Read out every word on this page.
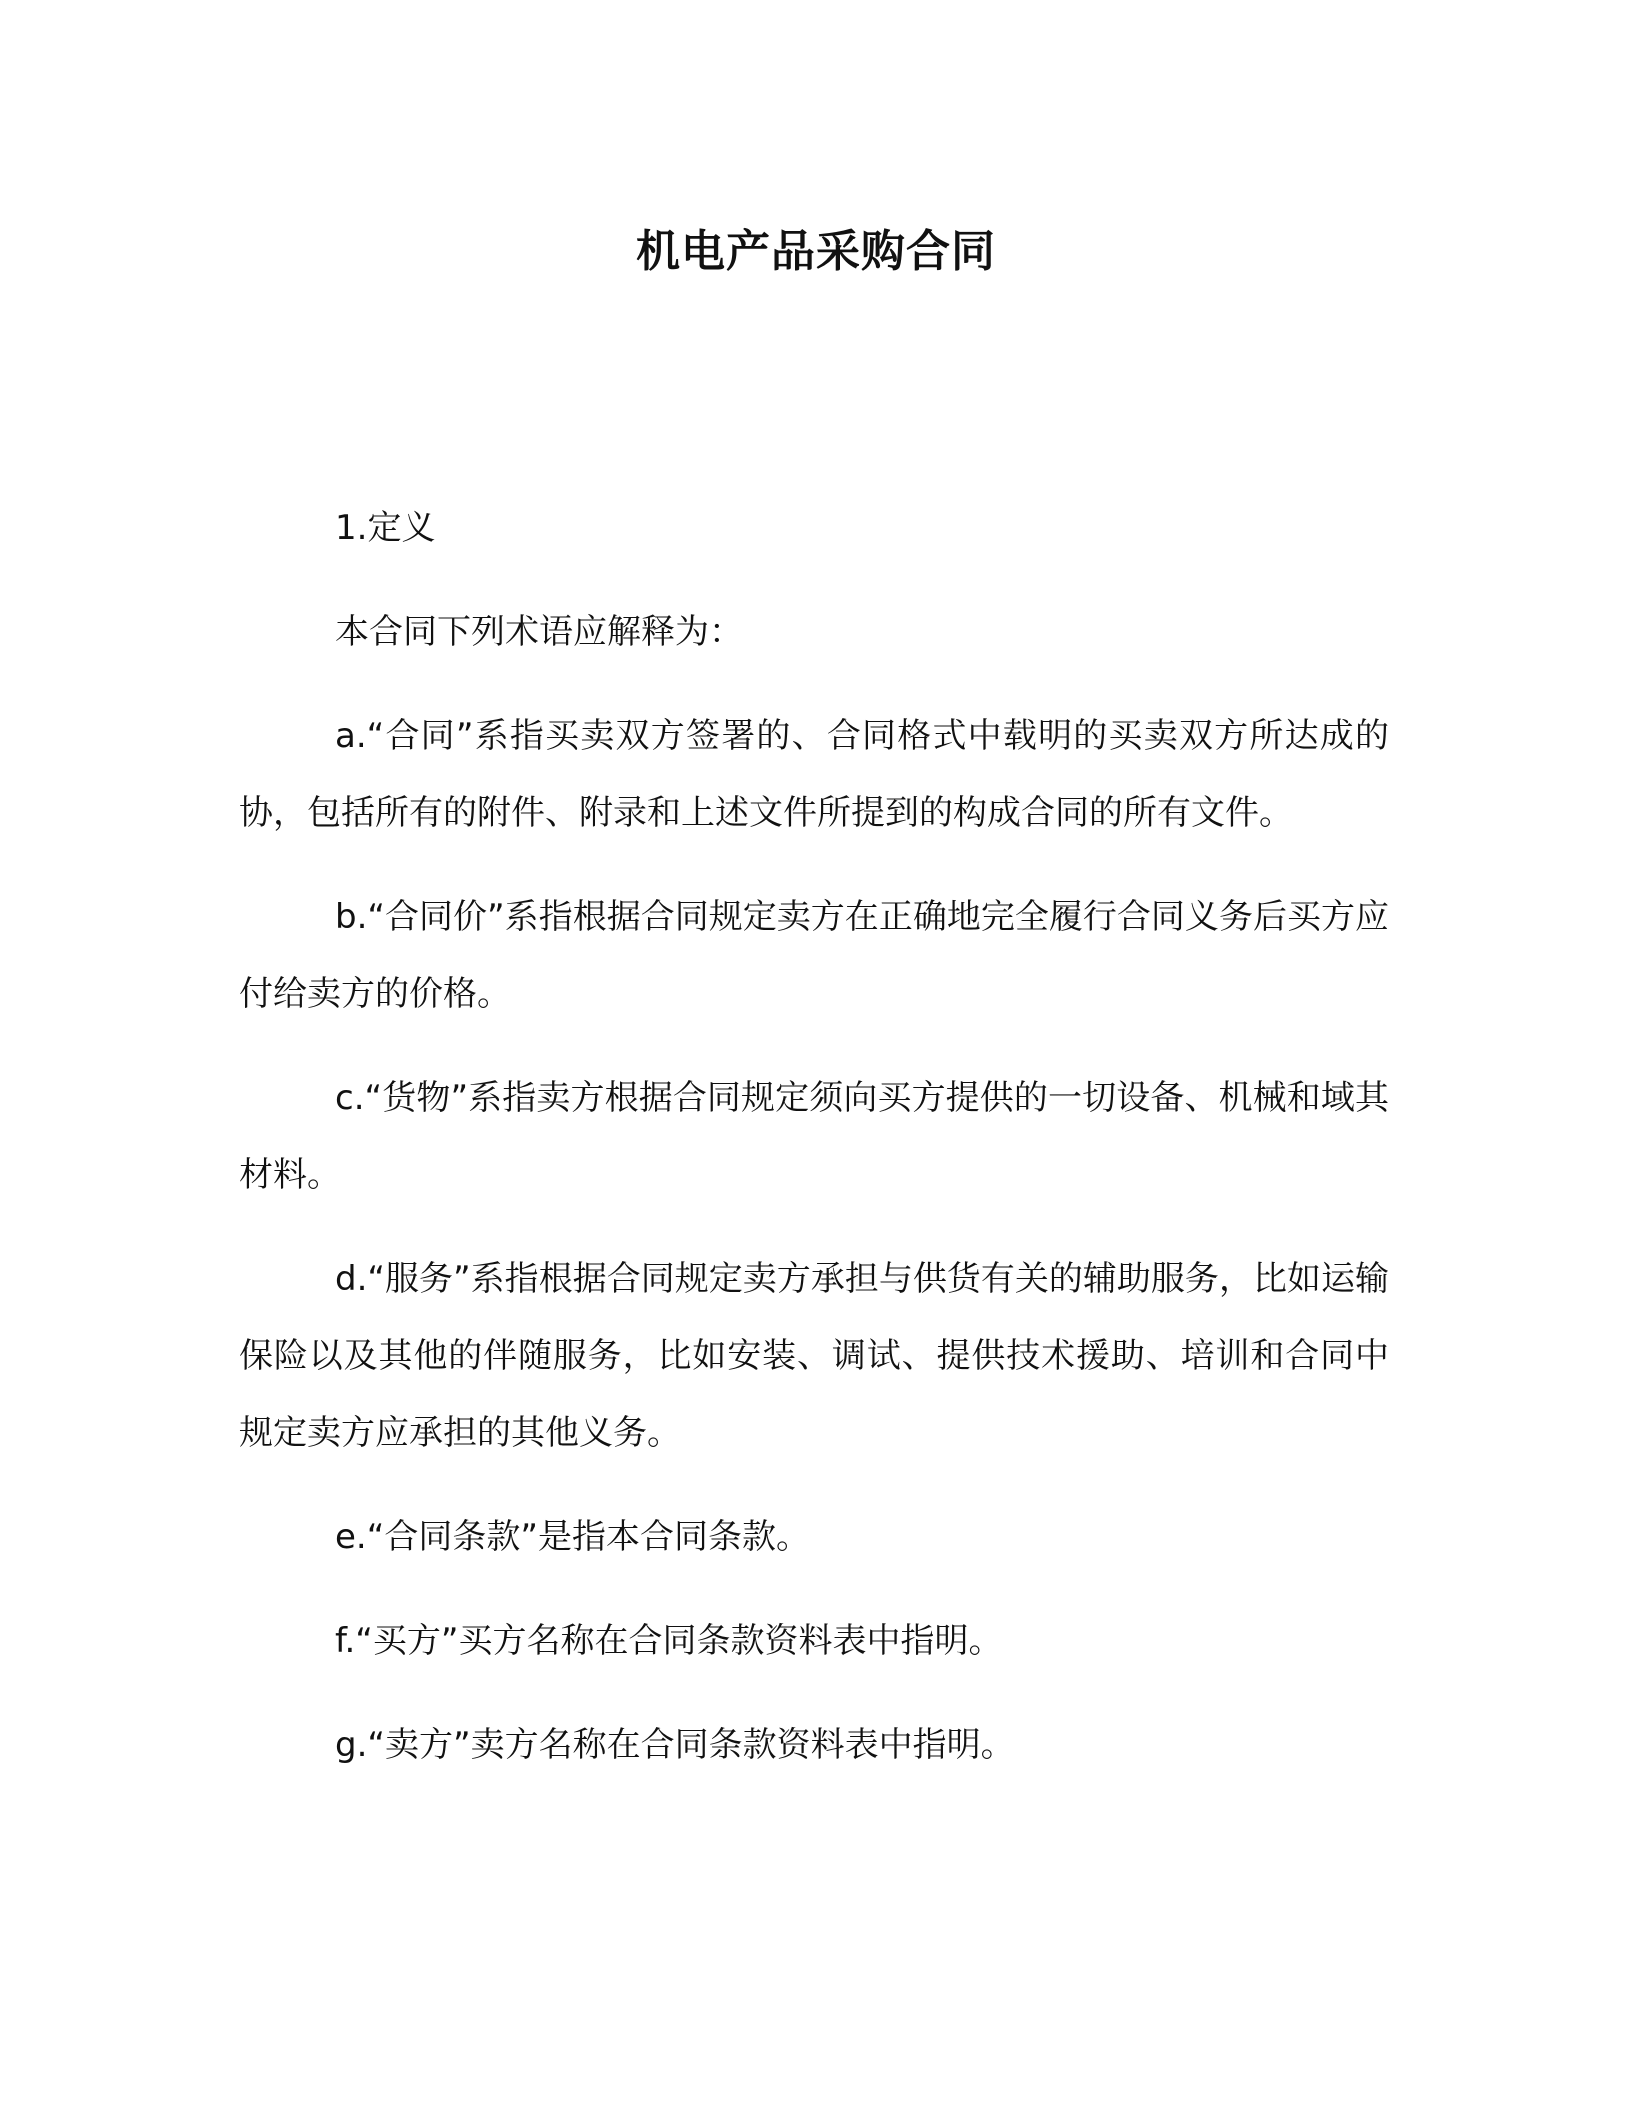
机电产品采购合同

1.定义

本合同下列术语应解释为：

a.“合同”系指买卖双方签署的、合同格式中载明的买卖双方所达成的协，包括所有的附件、附录和上述文件所提到的构成合同的所有文件。

b.“合同价”系指根据合同规定卖方在正确地完全履行合同义务后买方应付给卖方的价格。

c.“货物”系指卖方根据合同规定须向买方提供的一切设备、机械和域其材料。

d.“服务”系指根据合同规定卖方承担与供货有关的辅助服务，比如运输保险以及其他的伴随服务，比如安装、调试、提供技术援助、培训和合同中规定卖方应承担的其他义务。

e.“合同条款”是指本合同条款。

f.“买方”买方名称在合同条款资料表中指明。

g.“卖方”卖方名称在合同条款资料表中指明。
